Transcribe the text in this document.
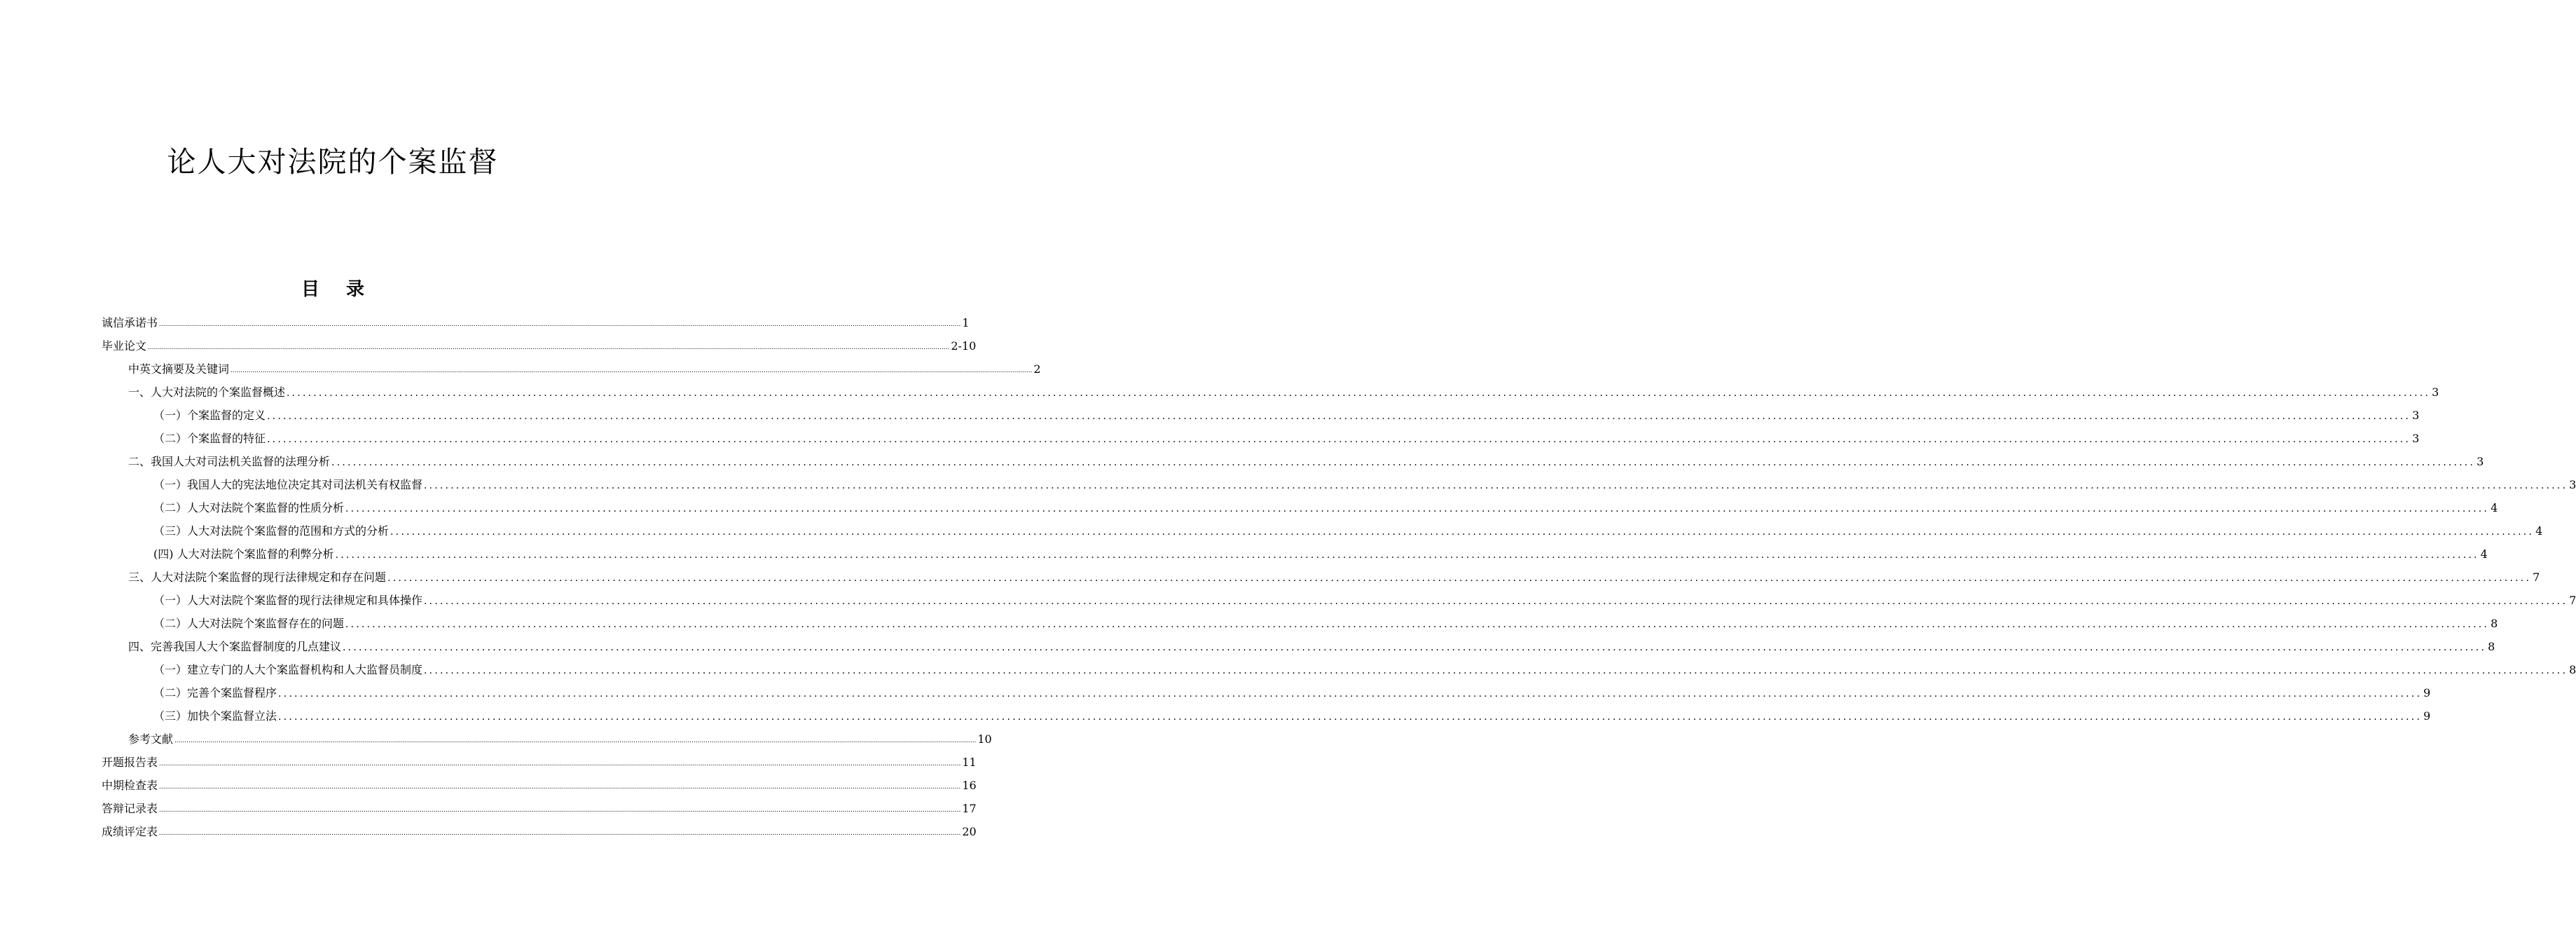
论人大对法院的个案监督
目 录
诚信承诺书 ................................................................................................................................................................................................................................................................................................................................................................................................................ 1
毕业论文 ................................................................................................................................................................................................................................................................................................................................................................................................................ 2-10
中英文摘要及关键词 ................................................................................................................................................................................................................................................................................................................................................................................................................ 2
一、人大对法院的个案监督概述 ................................................................................................................................................................................................................................................................................................................................................................................................................ 3
（一）个案监督的定义 ................................................................................................................................................................................................................................................................................................................................................................................................................ 3
（二）个案监督的特征 ................................................................................................................................................................................................................................................................................................................................................................................................................ 3
二、我国人大对司法机关监督的法理分析 ................................................................................................................................................................................................................................................................................................................................................................................................................ 3
（一）我国人大的宪法地位决定其对司法机关有权监督 ................................................................................................................................................................................................................................................................................................................................................................................................................ 3
（二）人大对法院个案监督的性质分析 ................................................................................................................................................................................................................................................................................................................................................................................................................ 4
（三）人大对法院个案监督的范围和方式的分析 ................................................................................................................................................................................................................................................................................................................................................................................................................ 4
(四) 人大对法院个案监督的利弊分析 ................................................................................................................................................................................................................................................................................................................................................................................................................ 4
三、人大对法院个案监督的现行法律规定和存在问题 ................................................................................................................................................................................................................................................................................................................................................................................................................ 7
（一）人大对法院个案监督的现行法律规定和具体操作 ................................................................................................................................................................................................................................................................................................................................................................................................................ 7
（二）人大对法院个案监督存在的问题 ................................................................................................................................................................................................................................................................................................................................................................................................................ 8
四、完善我国人大个案监督制度的几点建议 ................................................................................................................................................................................................................................................................................................................................................................................................................ 8
（一）建立专门的人大个案监督机构和人大监督员制度 ................................................................................................................................................................................................................................................................................................................................................................................................................ 8
（二）完善个案监督程序 ................................................................................................................................................................................................................................................................................................................................................................................................................ 9
（三）加快个案监督立法 ................................................................................................................................................................................................................................................................................................................................................................................................................ 9
参考文献 ................................................................................................................................................................................................................................................................................................................................................................................................................ 10
开题报告表 ................................................................................................................................................................................................................................................................................................................................................................................................................ 11
中期检查表 ................................................................................................................................................................................................................................................................................................................................................................................................................ 16
答辩记录表 ................................................................................................................................................................................................................................................................................................................................................................................................................ 17
成绩评定表 ................................................................................................................................................................................................................................................................................................................................................................................................................ 20
